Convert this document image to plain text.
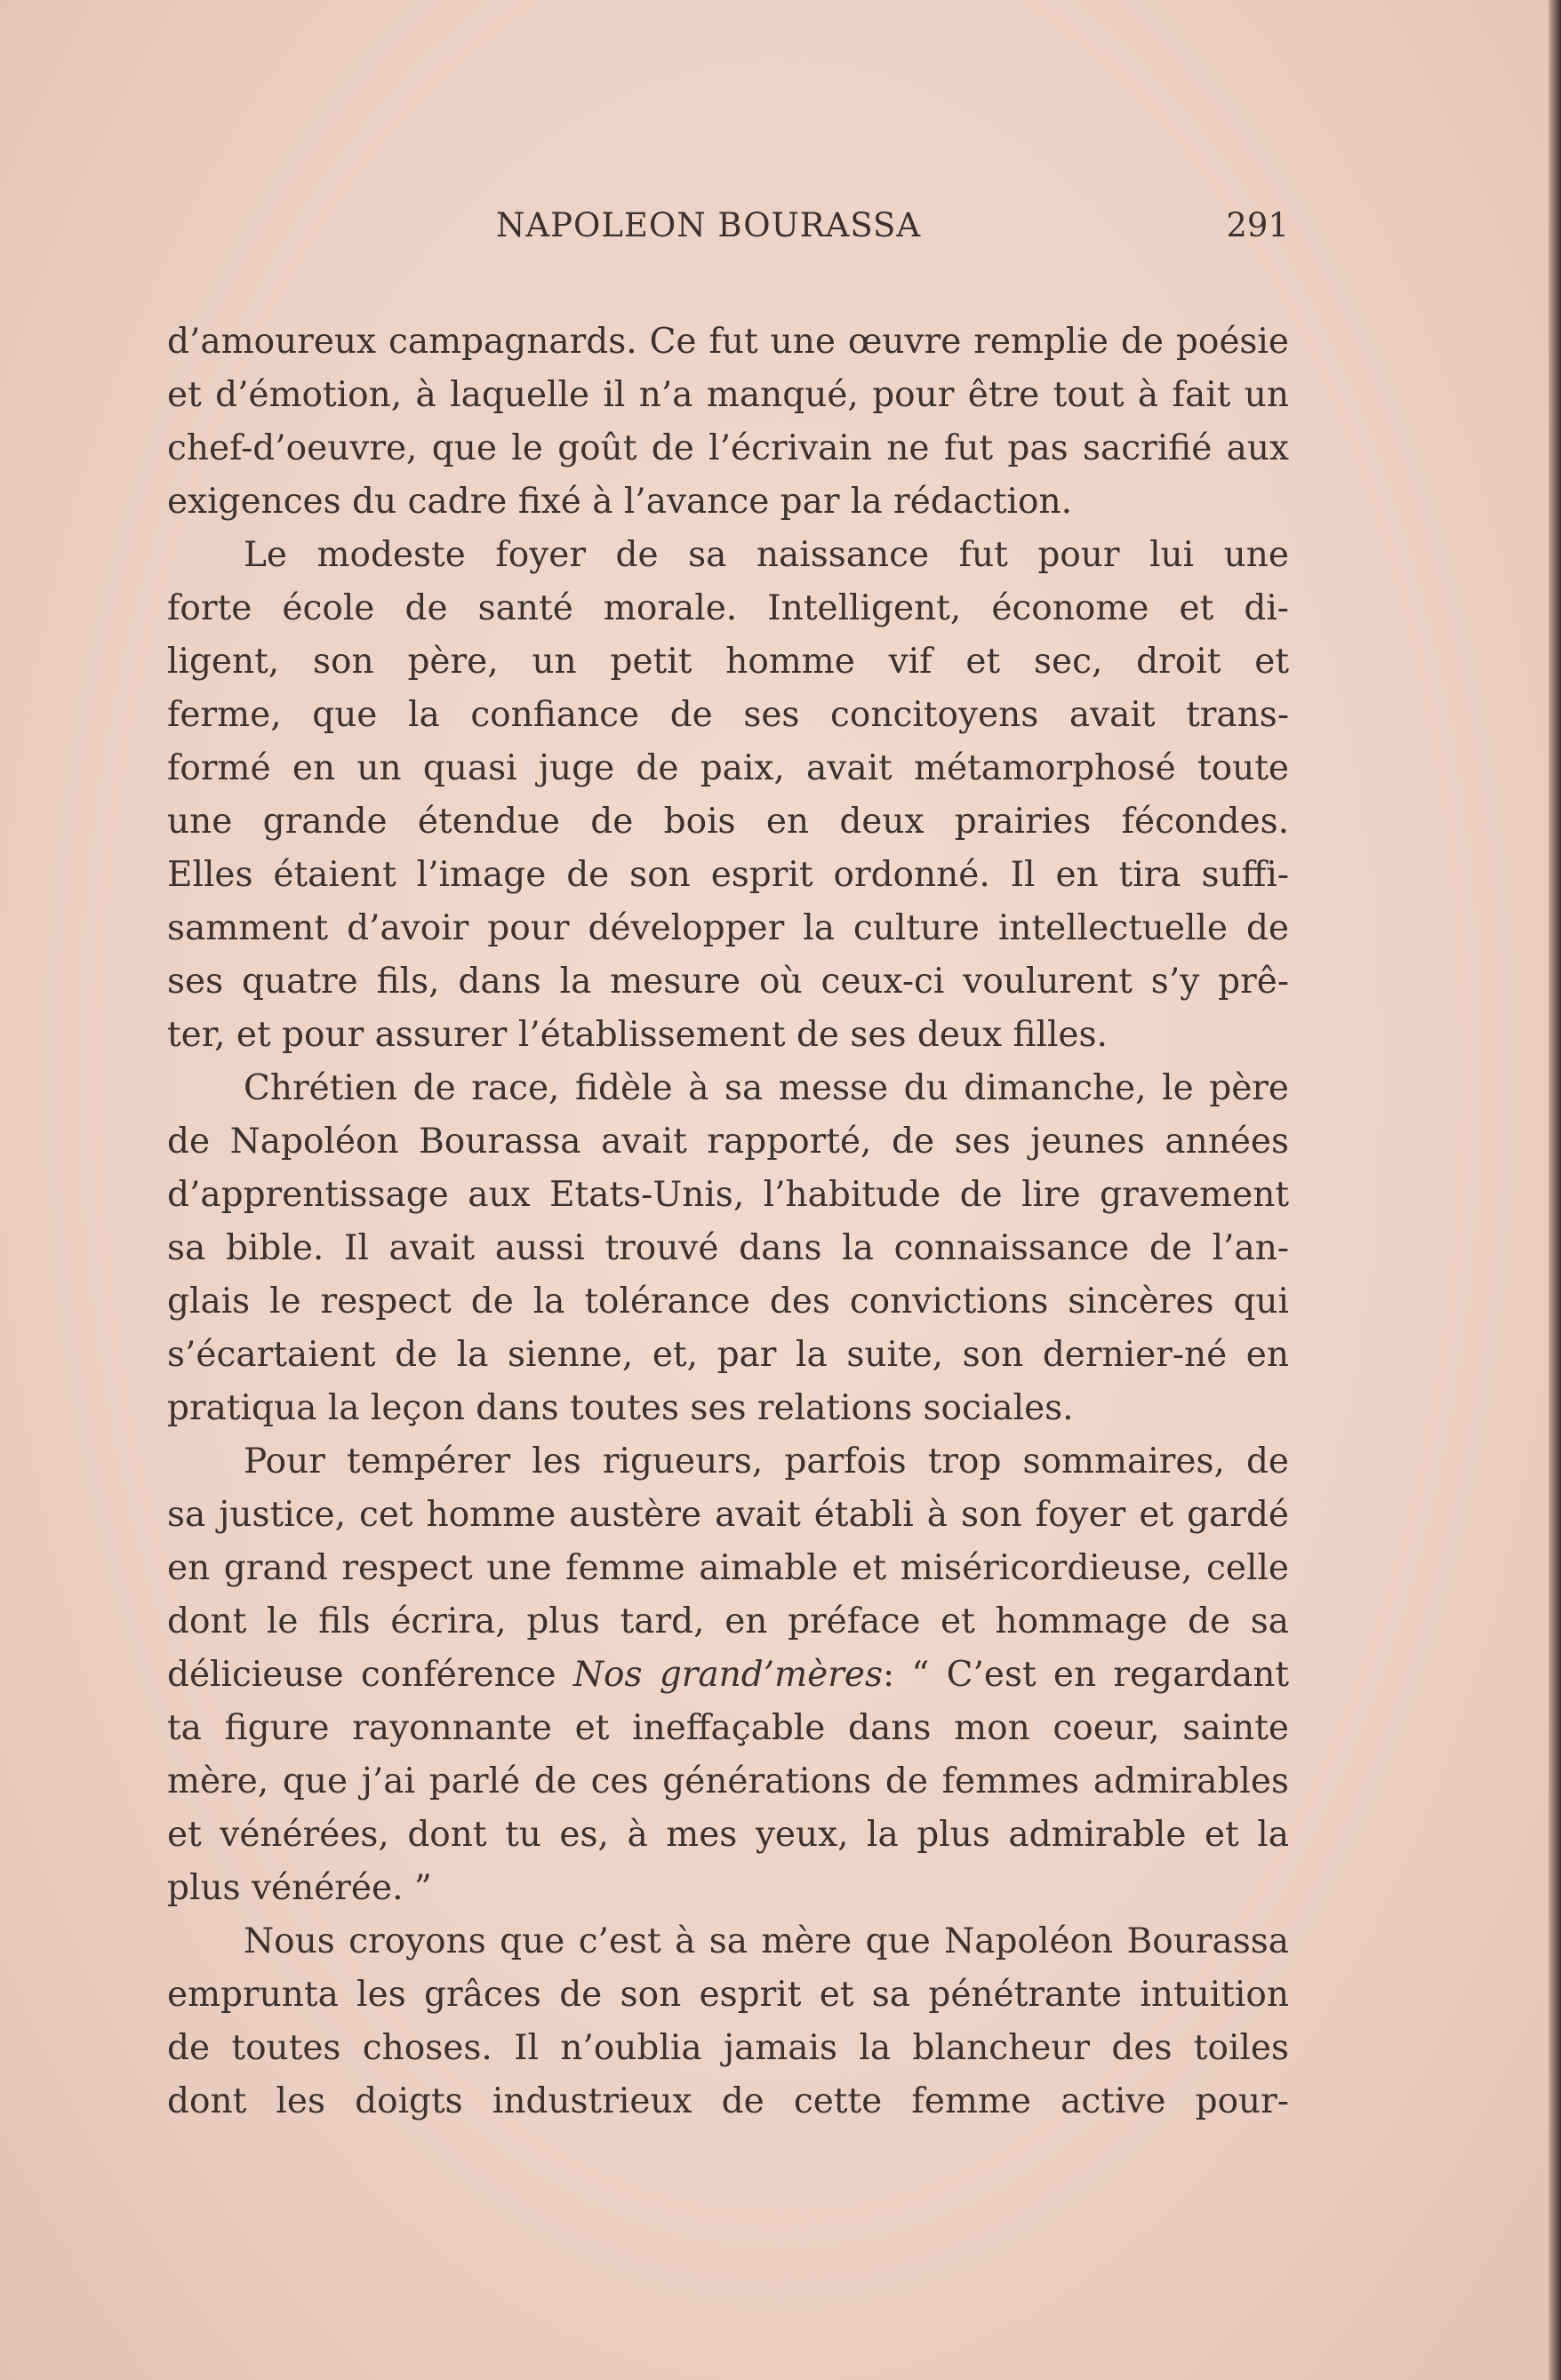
NAPOLEON BOURASSA	291
d’amoureux campagnards. Ce fut une œuvre remplie de poésie
et d’émotion, à laquelle il n’a manqué, pour être tout à fait un
chef-d’oeuvre, que le goût de l’écrivain ne fut pas sacrifié aux
exigences du cadre fixé à l’avance par la rédaction.
Le modeste foyer de sa naissance fut pour lui une
forte école de santé morale. Intelligent, économe et di-
ligent, son père, un petit homme vif et sec, droit et
ferme, que la confiance de ses concitoyens avait trans-
formé en un quasi juge de paix, avait métamorphosé toute
une grande étendue de bois en deux prairies fécondes.
Elles étaient l’image de son esprit ordonné. Il en tira suffi-
samment d’avoir pour développer la culture intellectuelle de
ses quatre fils, dans la mesure où ceux-ci voulurent s’y prê-
ter, et pour assurer l’établissement de ses deux filles.
Chrétien de race, fidèle à sa messe du dimanche, le père
de Napoléon Bourassa avait rapporté, de ses jeunes années
d’apprentissage aux Etats-Unis, l’habitude de lire gravement
sa bible. Il avait aussi trouvé dans la connaissance de l’an-
glais le respect de la tolérance des convictions sincères qui
s’écartaient de la sienne, et, par la suite, son dernier-né en
pratiqua la leçon dans toutes ses relations sociales.
Pour tempérer les rigueurs, parfois trop sommaires, de
sa justice, cet homme austère avait établi à son foyer et gardé
en grand respect une femme aimable et miséricordieuse, celle
dont le fils écrira, plus tard, en préface et hommage de sa
délicieuse conférence Nos grand’mères: “ C’est en regardant
ta figure rayonnante et ineffaçable dans mon coeur, sainte
mère, que j’ai parlé de ces générations de femmes admirables
et vénérées, dont tu es, à mes yeux, la plus admirable et la
plus vénérée. ”
Nous croyons que c’est à sa mère que Napoléon Bourassa
emprunta les grâces de son esprit et sa pénétrante intuition
de toutes choses. Il n’oublia jamais la blancheur des toiles
dont les doigts industrieux de cette femme active pour-
